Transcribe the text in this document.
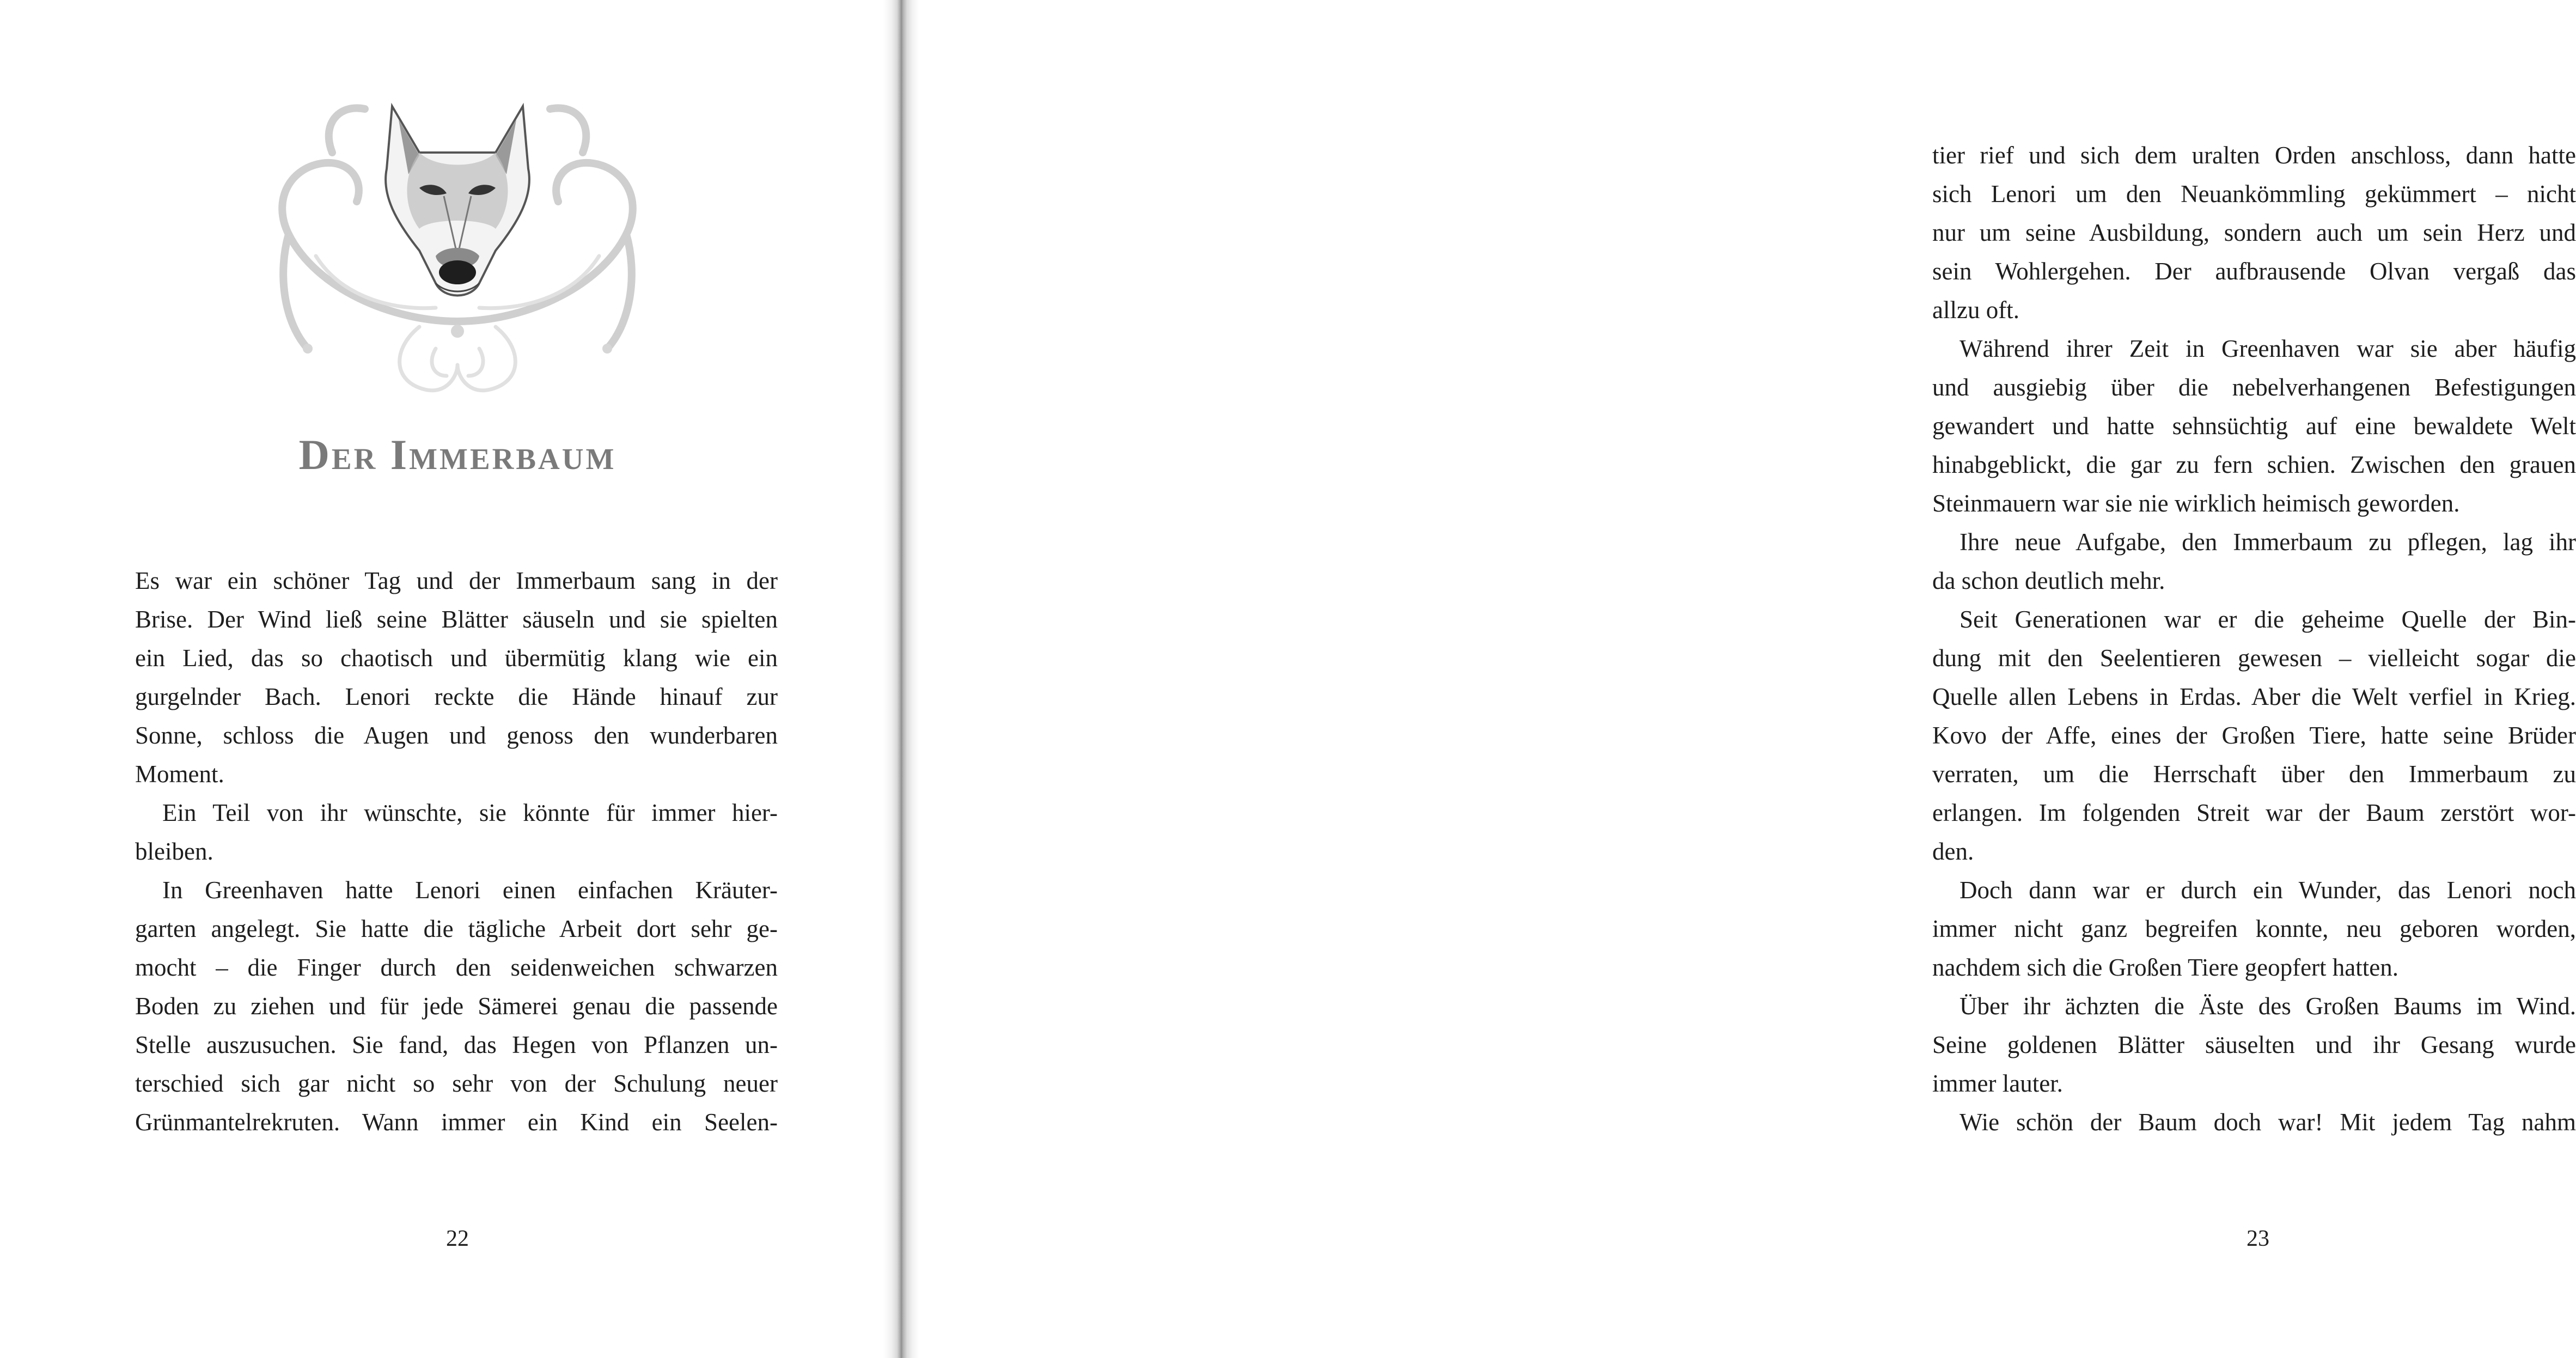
Der Immerbaum
Es war ein schöner Tag und der Immerbaum sang in der
Brise. Der Wind ließ seine Blätter säuseln und sie spielten
ein Lied, das so chaotisch und übermütig klang wie ein
gurgelnder Bach. Lenori reckte die Hände hinauf zur
Sonne, schloss die Augen und genoss den wunderbaren
Moment.
Ein Teil von ihr wünschte, sie könnte für immer hier-
bleiben.
In Greenhaven hatte Lenori einen einfachen Kräuter-
garten angelegt. Sie hatte die tägliche Arbeit dort sehr ge-
mocht – die Finger durch den seidenweichen schwarzen
Boden zu ziehen und für jede Sämerei genau die passende
Stelle auszusuchen. Sie fand, das Hegen von Pflanzen un-
terschied sich gar nicht so sehr von der Schulung neuer
Grünmantelrekruten. Wann immer ein Kind ein Seelen-
22
tier rief und sich dem uralten Orden anschloss, dann hatte
sich Lenori um den Neuankömmling gekümmert – nicht
nur um seine Ausbildung, sondern auch um sein Herz und
sein Wohlergehen. Der aufbrausende Olvan vergaß das
allzu oft.
Während ihrer Zeit in Greenhaven war sie aber häufig
und ausgiebig über die nebelverhangenen Befestigungen
gewandert und hatte sehnsüchtig auf eine bewaldete Welt
hinabgeblickt, die gar zu fern schien. Zwischen den grauen
Steinmauern war sie nie wirklich heimisch geworden.
Ihre neue Aufgabe, den Immerbaum zu pflegen, lag ihr
da schon deutlich mehr.
Seit Generationen war er die geheime Quelle der Bin-
dung mit den Seelentieren gewesen – vielleicht sogar die
Quelle allen Lebens in Erdas. Aber die Welt verfiel in Krieg.
Kovo der Affe, eines der Großen Tiere, hatte seine Brüder
verraten, um die Herrschaft über den Immerbaum zu
erlangen. Im folgenden Streit war der Baum zerstört wor-
den.
Doch dann war er durch ein Wunder, das Lenori noch
immer nicht ganz begreifen konnte, neu geboren worden,
nachdem sich die Großen Tiere geopfert hatten.
Über ihr ächzten die Äste des Großen Baums im Wind.
Seine goldenen Blätter säuselten und ihr Gesang wurde
immer lauter.
Wie schön der Baum doch war! Mit jedem Tag nahm
23
